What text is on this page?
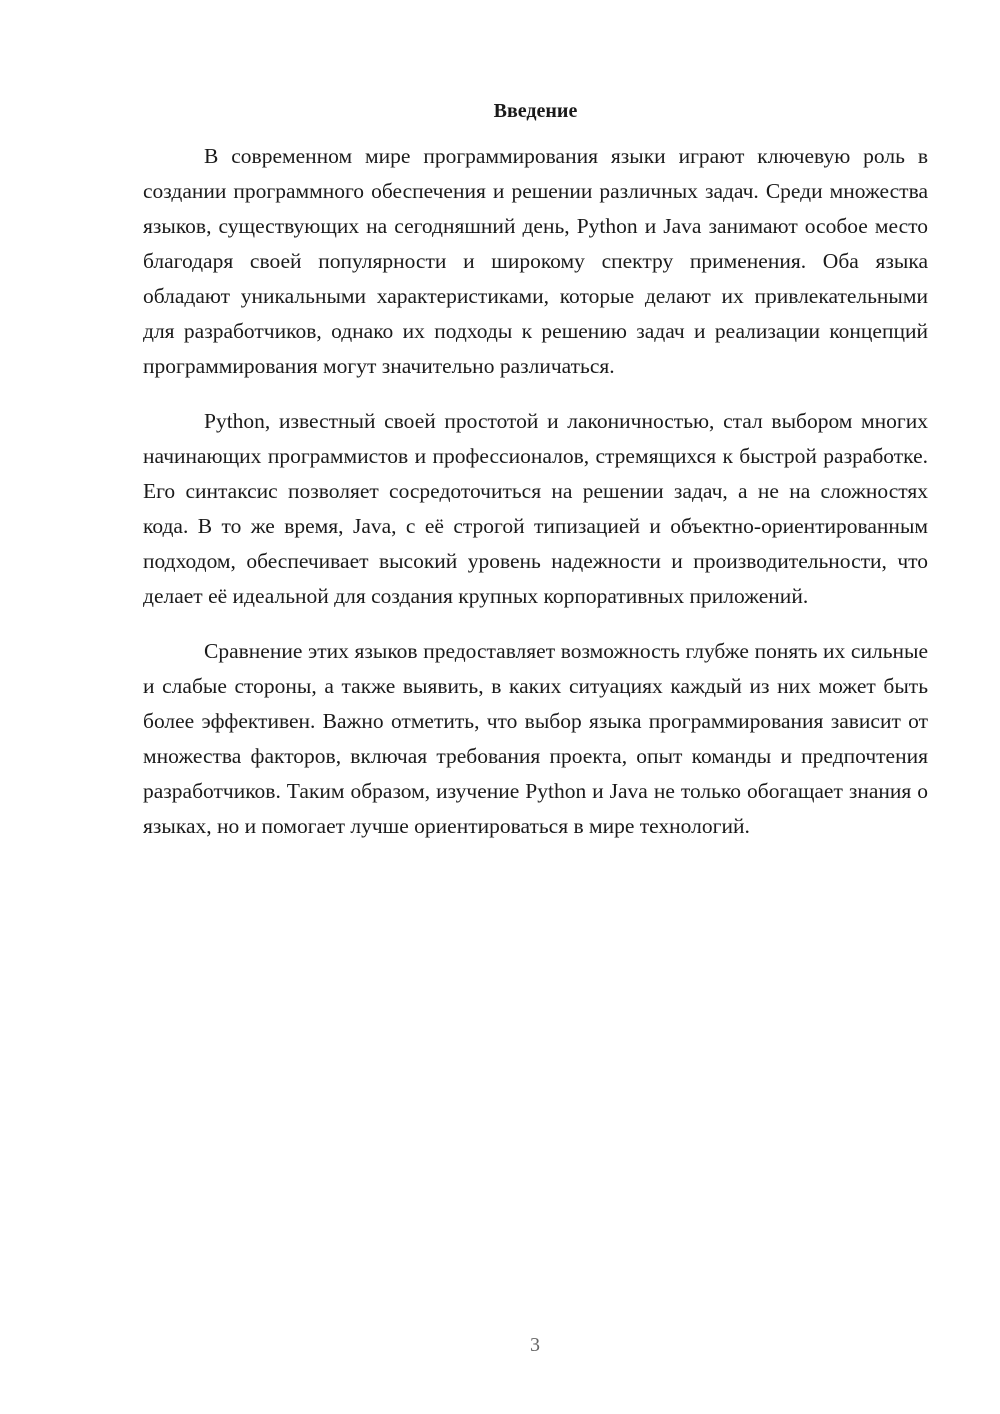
Введение

В современном мире программирования языки играют ключевую роль в создании программного обеспечения и решении различных задач. Среди множества языков, существующих на сегодняшний день, Python и Java занимают особое место благодаря своей популярности и широкому спектру применения. Оба языка обладают уникальными характеристиками, которые делают их привлекательными для разработчиков, однако их подходы к решению задач и реализации концепций программирования могут значительно различаться.

Python, известный своей простотой и лаконичностью, стал выбором многих начинающих программистов и профессионалов, стремящихся к быстрой разработке. Его синтаксис позволяет сосредоточиться на решении задач, а не на сложностях кода. В то же время, Java, с её строгой типизацией и объектно-ориентированным подходом, обеспечивает высокий уровень надежности и производительности, что делает её идеальной для создания крупных корпоративных приложений.

Сравнение этих языков предоставляет возможность глубже понять их сильные и слабые стороны, а также выявить, в каких ситуациях каждый из них может быть более эффективен. Важно отметить, что выбор языка программирования зависит от множества факторов, включая требования проекта, опыт команды и предпочтения разработчиков. Таким образом, изучение Python и Java не только обогащает знания о языках, но и помогает лучше ориентироваться в мире технологий.

3
